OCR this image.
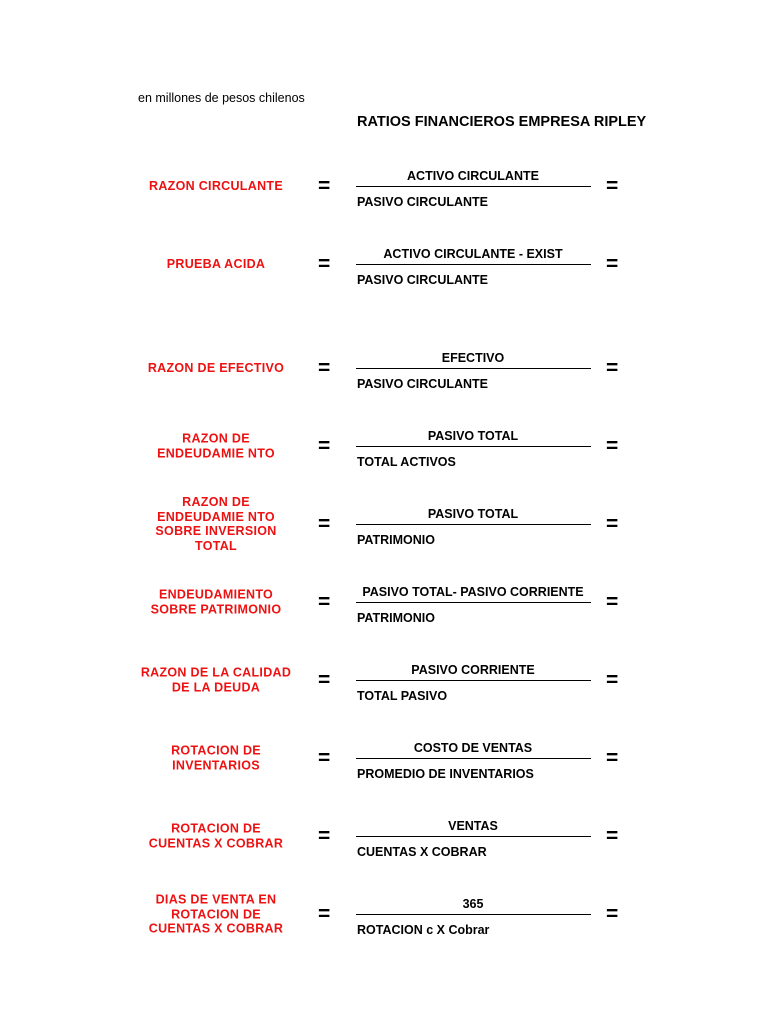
en millones de pesos chilenos
RATIOS FINANCIEROS EMPRESA RIPLEY
RAZON CIRCULANTE	=	ACTIVO CIRCULANTE
PASIVO CIRCULANTE
=
PRUEBA ACIDA	=	ACTIVO CIRCULANTE - EXIST
PASIVO CIRCULANTE
=
RAZON DE EFECTIVO	=	EFECTIVO
PASIVO CIRCULANTE
=
RAZON DE
ENDEUDAMIE NTO	=	PASIVO TOTAL
TOTAL ACTIVOS
=
RAZON DE
ENDEUDAMIE NTO
SOBRE INVERSION
TOTAL
=	PASIVO TOTAL
PATRIMONIO
=
ENDEUDAMIENTO
SOBRE PATRIMONIO	=	PASIVO TOTAL- PASIVO CORRIENTE
PATRIMONIO
=
RAZON DE LA CALIDAD
DE LA DEUDA	=	PASIVO CORRIENTE
TOTAL PASIVO
=
ROTACION DE
INVENTARIOS	=	COSTO DE VENTAS
PROMEDIO DE INVENTARIOS
=
ROTACION DE
CUENTAS X COBRAR	=	VENTAS
CUENTAS X COBRAR
=
DIAS DE VENTA EN
ROTACION DE
CUENTAS X COBRAR
=	365
ROTACION c X Cobrar
=
